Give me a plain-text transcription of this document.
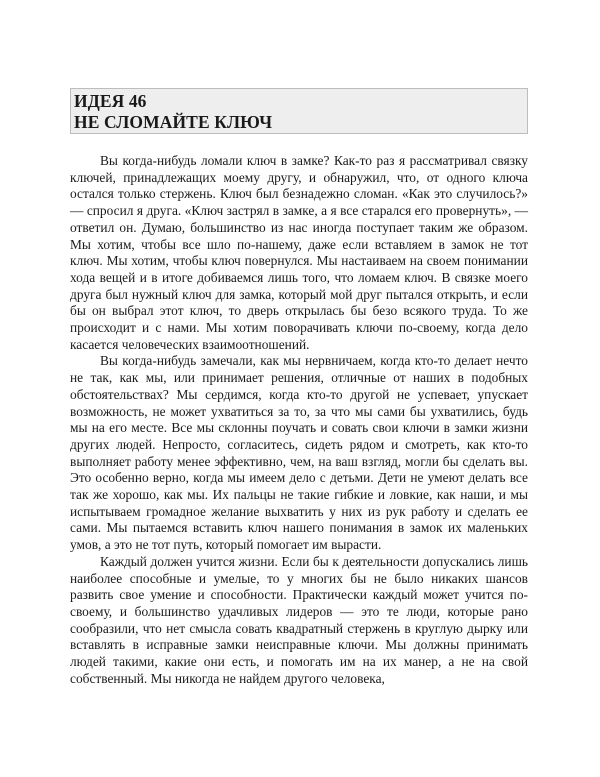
ИДЕЯ 46
НЕ СЛОМАЙТЕ КЛЮЧ

Вы когда-нибудь ломали ключ в замке? Как-то раз я рассматривал связку ключей, принадлежащих моему другу, и обнаружил, что, от одного ключа остался только стержень. Ключ был безнадежно сломан. «Как это случилось?» — спросил я друга. «Ключ застрял в замке, а я все старался его провернуть», — ответил он. Думаю, большинство из нас иногда поступает таким же образом. Мы хотим, чтобы все шло по-нашему, даже если вставляем в замок не тот ключ. Мы хотим, чтобы ключ повернулся. Мы настаиваем на своем понимании хода вещей и в итоге добиваемся лишь того, что ломаем ключ. В связке моего друга был нужный ключ для замка, который мой друг пытался открыть, и если бы он выбрал этот ключ, то дверь открылась бы безо всякого труда. То же происходит и с нами. Мы хотим поворачивать ключи по-своему, когда дело касается человеческих взаимоотношений.

Вы когда-нибудь замечали, как мы нервничаем, когда кто-то делает нечто не так, как мы, или принимает решения, отличные от наших в подобных обстоятельствах? Мы сердимся, когда кто-то другой не успевает, упускает возможность, не может ухватиться за то, за что мы сами бы ухватились, будь мы на его месте. Все мы склонны поучать и совать свои ключи в замки жизни других людей. Непросто, согласитесь, сидеть рядом и смотреть, как кто-то выполняет работу менее эффективно, чем, на ваш взгляд, могли бы сделать вы. Это особенно верно, когда мы имеем дело с детьми. Дети не умеют делать все так же хорошо, как мы. Их пальцы не такие гибкие и ловкие, как наши, и мы испытываем громадное желание выхватить у них из рук работу и сделать ее сами. Мы пытаемся вставить ключ нашего понимания в замок их маленьких умов, а это не тот путь, который помогает им вырасти.

Каждый должен учится жизни. Если бы к деятельности допускались лишь наиболее способные и умелые, то у многих бы не было никаких шансов развить свое умение и способности. Практически каждый может учится по-своему, и большинство удачливых лидеров — это те люди, которые рано сообразили, что нет смысла совать квадратный стержень в круглую дырку или вставлять в исправные замки неисправные ключи. Мы должны принимать людей такими, какие они есть, и помогать им на их манер, а не на свой собственный. Мы никогда не найдем другого человека,
